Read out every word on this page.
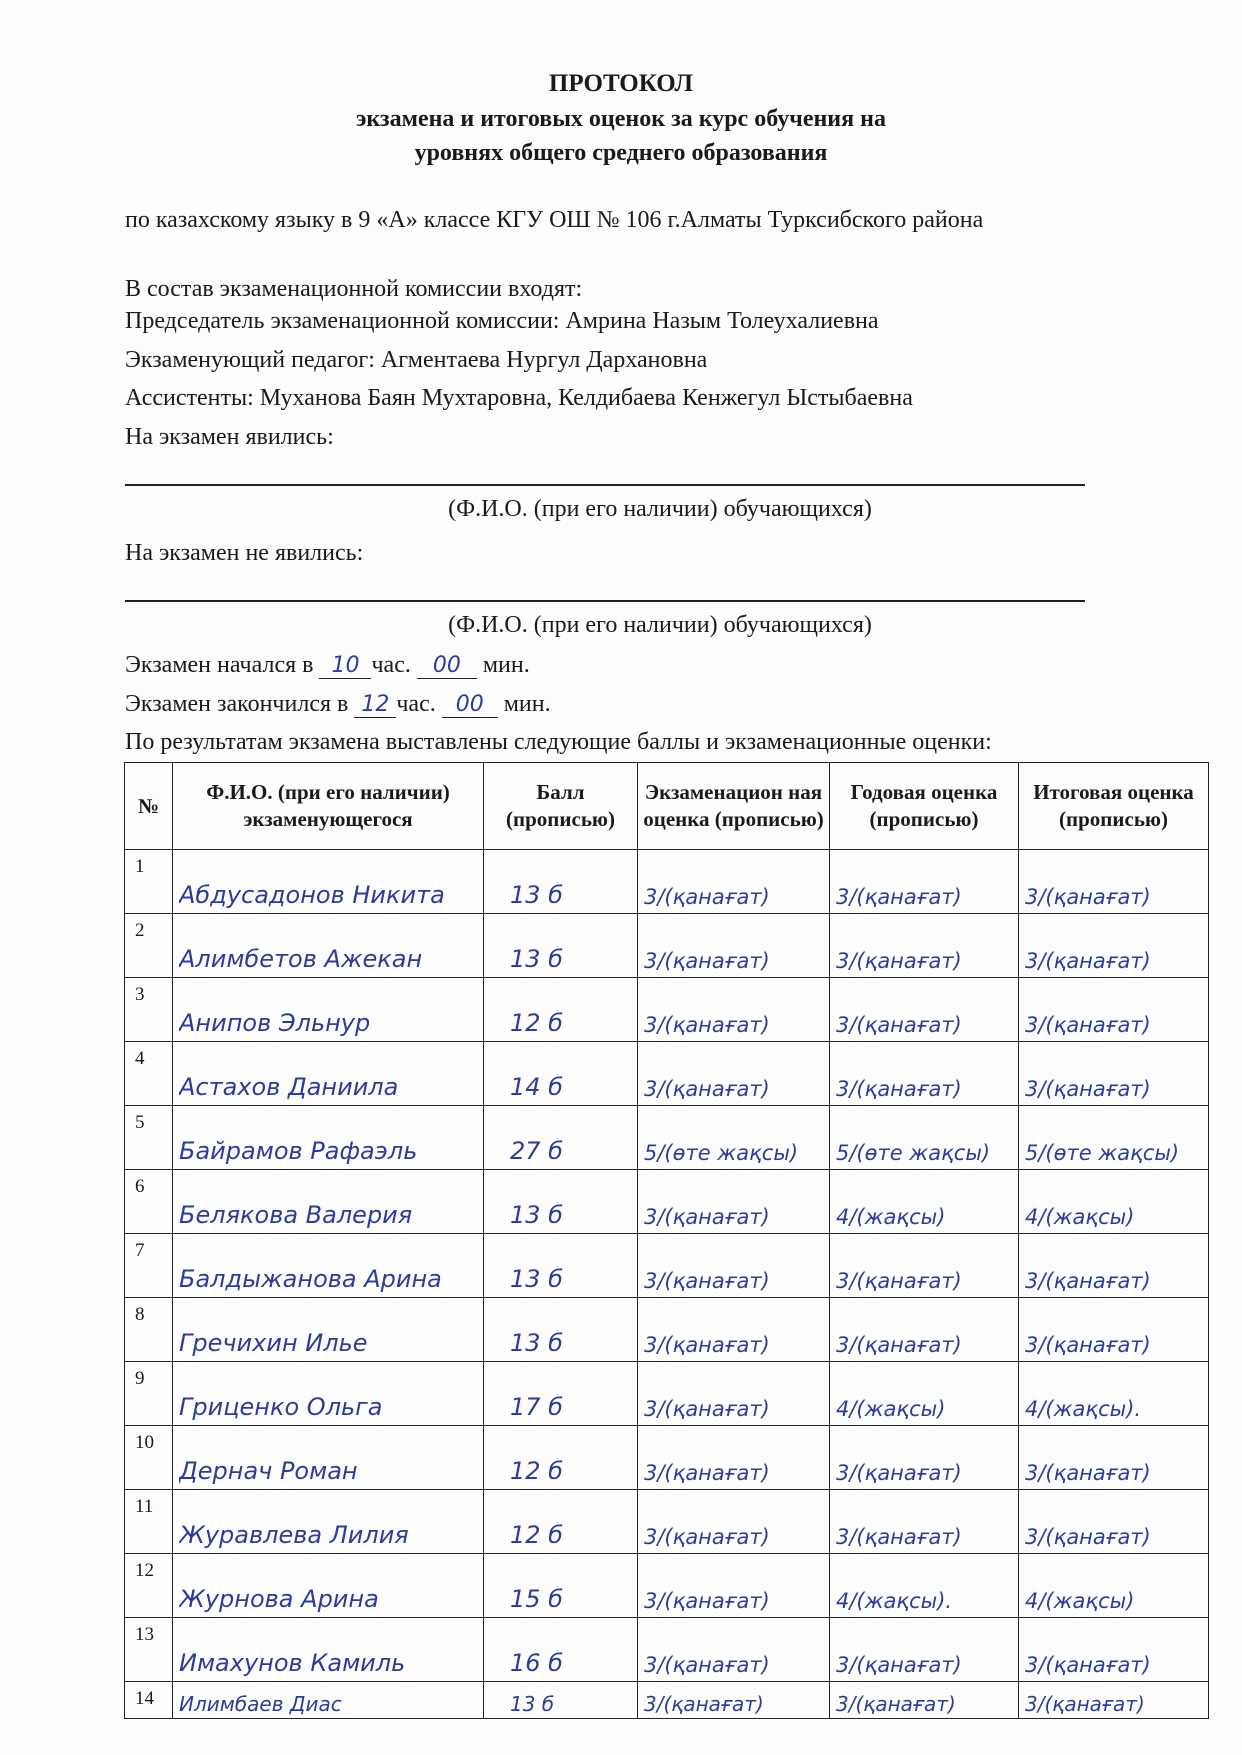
ПРОТОКОЛ
экзамена и итоговых оценок за курс обучения на
уровнях общего среднего образования
по казахскому языку в 9 «А» классе КГУ ОШ № 106 г.Алматы Турксибского района
В состав экзаменационной комиссии входят:
Председатель экзаменационной комиссии: Амрина Назым Толеухалиевна
Экзаменующий педагог: Агментаева Нургул Дархановна
Ассистенты: Муханова Баян Мухтаровна, Келдибаева Кенжегул Ыстыбаевна
На экзамен явились:
(Ф.И.О. (при его наличии) обучающихся)
На экзамен не явились:
(Ф.И.О. (при его наличии) обучающихся)
Экзамен начался в 10 час. 00 мин.
Экзамен закончился в 12 час. 00 мин.
По результатам экзамена выставлены следующие баллы и экзаменационные оценки:
№	Ф.И.О. (при его наличии) экзаменующегося	Балл (прописью)	Экзаменацион ная оценка (прописью)	Годовая оценка (прописью)	Итоговая оценка (прописью)
1	Абдусадонов Никита	13 б	3/(қанағат)	3/(қанағат)	3/(қанағат)

2	Алимбетов Ажекан	13 б	3/(қанағат)	3/(қанағат)	3/(қанағат)

3	Анипов Эльнур	12 б	3/(қанағат)	3/(қанағат)	3/(қанағат)

4	Астахов Даниила	14 б	3/(қанағат)	3/(қанағат)	3/(қанағат)

5	Байрамов Рафаэль	27 б	5/(өте жақсы)	5/(өте жақсы)	5/(өте жақсы)

6	Белякова Валерия	13 б	3/(қанағат)	4/(жақсы)	4/(жақсы)

7	Балдыжанова Арина	13 б	3/(қанағат)	3/(қанағат)	3/(қанағат)

8	Гречихин Илье	13 б	3/(қанағат)	3/(қанағат)	3/(қанағат)

9	Гриценко Ольга	17 б	3/(қанағат)	4/(жақсы)	4/(жақсы).

10	Дернач Роман	12 б	3/(қанағат)	3/(қанағат)	3/(қанағат)

11	Журавлева Лилия	12 б	3/(қанағат)	3/(қанағат)	3/(қанағат)

12	Журнова Арина	15 б	3/(қанағат)	4/(жақсы).	4/(жақсы)

13	Имахунов Камиль	16 б	3/(қанағат)	3/(қанағат)	3/(қанағат)

14	Илимбаев Диас	13 б	3/(қанағат)	3/(қанағат)	3/(қанағат)
